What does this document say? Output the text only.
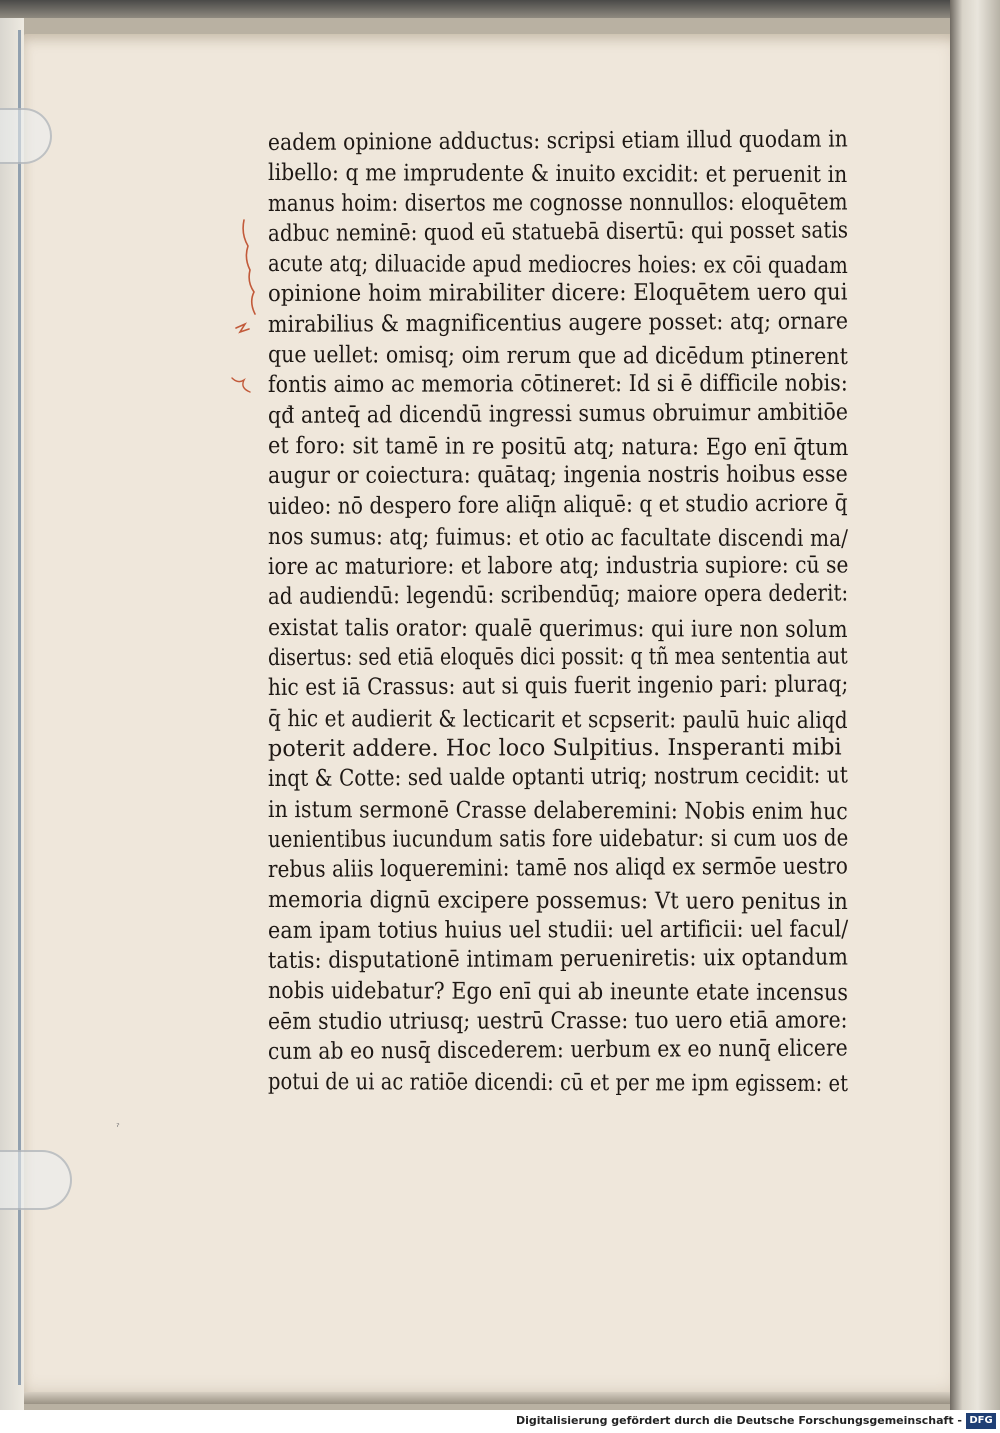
eadem opinione adductus: scripsi etiam illud quodam in
libello: q me imprudente & inuito excidit: et peruenit in
manus hoim: disertos me cognosse nonnullos: eloquētem
adbuc neminē: quod eū statuebā disertū: qui posset satis
acute atq; diluacide apud mediocres hoies: ex cōi quadam
opinione hoim mirabiliter dicere: Eloquētem uero qui
mirabilius & magnificentius augere posset: atq; ornare
que uellet: omisq; oim rerum que ad dicēdum ptinerent
fontis aimo ac memoria cōtineret: Id si ē difficile nobis:
qđ anteq̄ ad dicendū ingressi sumus obruimur ambitiōe
et foro: sit tamē in re positū atq; natura: Ego enī q̄tum
augur or coiectura: quātaq; ingenia nostris hoibus esse
uideo: nō despero fore aliq̄n aliquē: q et studio acriore q̄
nos sumus: atq; fuimus: et otio ac facultate discendi ma/
iore ac maturiore: et labore atq; industria supiore: cū se
ad audiendū: legendū: scribendūq; maiore opera dederit:
existat talis orator: qualē querimus: qui iure non solum
disertus: sed etiā eloquēs dici possit: q tñ mea sententia aut
hic est iā Crassus: aut si quis fuerit ingenio pari: pluraq;
q̄ hic et audierit & lecticarit et scpserit: paulū huic aliqd
poterit addere. Hoc loco Sulpitius. Insperanti mibi
inqt & Cotte: sed ualde optanti utriq; nostrum cecidit: ut
in istum sermonē Crasse delaberemini: Nobis enim huc
uenientibus iucundum satis fore uidebatur: si cum uos de
rebus aliis loqueremini: tamē nos aliqd ex sermōe uestro
memoria dignū excipere possemus: Vt uero penitus in
eam ipam totius huius uel studii: uel artificii: uel facul/
tatis: disputationē intimam perueniretis: uix optandum
nobis uidebatur? Ego enī qui ab ineunte etate incensus
eēm studio utriusq; uestrū Crasse: tuo uero etiā amore:
cum ab eo nusq̄ discederem: uerbum ex eo nunq̄ elicere
potui de ui ac ratiōe dicendi: cū et per me ipm egissem: et
ˀ
Digitalisierung gefördert durch die Deutsche Forschungsgemeinschaft - DFG
